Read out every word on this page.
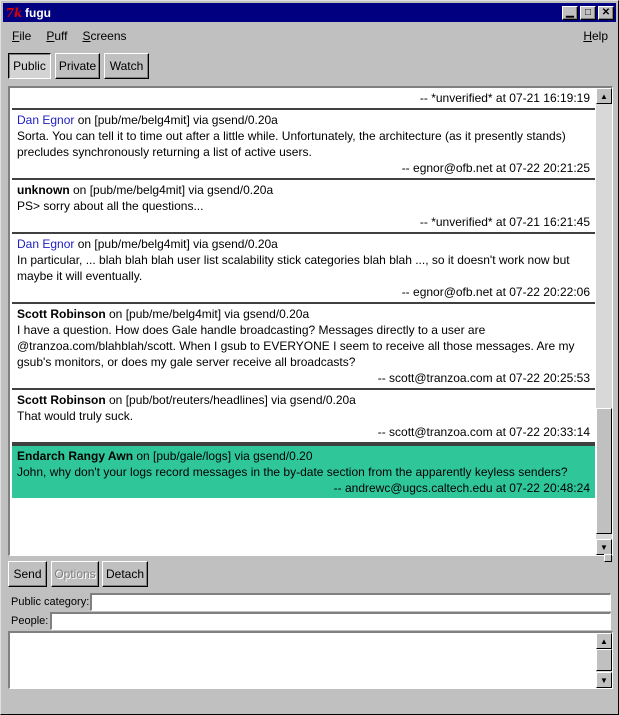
7k fugu	▁	□	✕
File	Puff	Screens	Help
Public	Private	Watch
-- *unverified* at 07-21 16:19:19
Dan Egnor on [pub/me/belg4mit] via gsend/0.20a
Sorta. You can tell it to time out after a little while. Unfortunately, the architecture (as it presently stands) precludes synchronously returning a list of active users.
-- egnor@ofb.net at 07-22 20:21:25
unknown on [pub/me/belg4mit] via gsend/0.20a
PS> sorry about all the questions...
-- *unverified* at 07-21 16:21:45
Dan Egnor on [pub/me/belg4mit] via gsend/0.20a
In particular, ... blah blah blah user list scalability stick categories blah blah ..., so it doesn't work now but maybe it will eventually.
-- egnor@ofb.net at 07-22 20:22:06
Scott Robinson on [pub/me/belg4mit] via gsend/0.20a
I have a question. How does Gale handle broadcasting? Messages directly to a user are @tranzoa.com/blahblah/scott. When I gsub to EVERYONE I seem to receive all those messages. Are my gsub's monitors, or does my gale server receive all broadcasts?
-- scott@tranzoa.com at 07-22 20:25:53
Scott Robinson on [pub/bot/reuters/headlines] via gsend/0.20a
That would truly suck.
-- scott@tranzoa.com at 07-22 20:33:14
Endarch Rangy Awn on [pub/gale/logs] via gsend/0.20
John, why don't your logs record messages in the by-date section from the apparently keyless senders?
-- andrewc@ugcs.caltech.edu at 07-22 20:48:24
▲
▼
Send	Options Detach
Public category:
People:
▲
▼
